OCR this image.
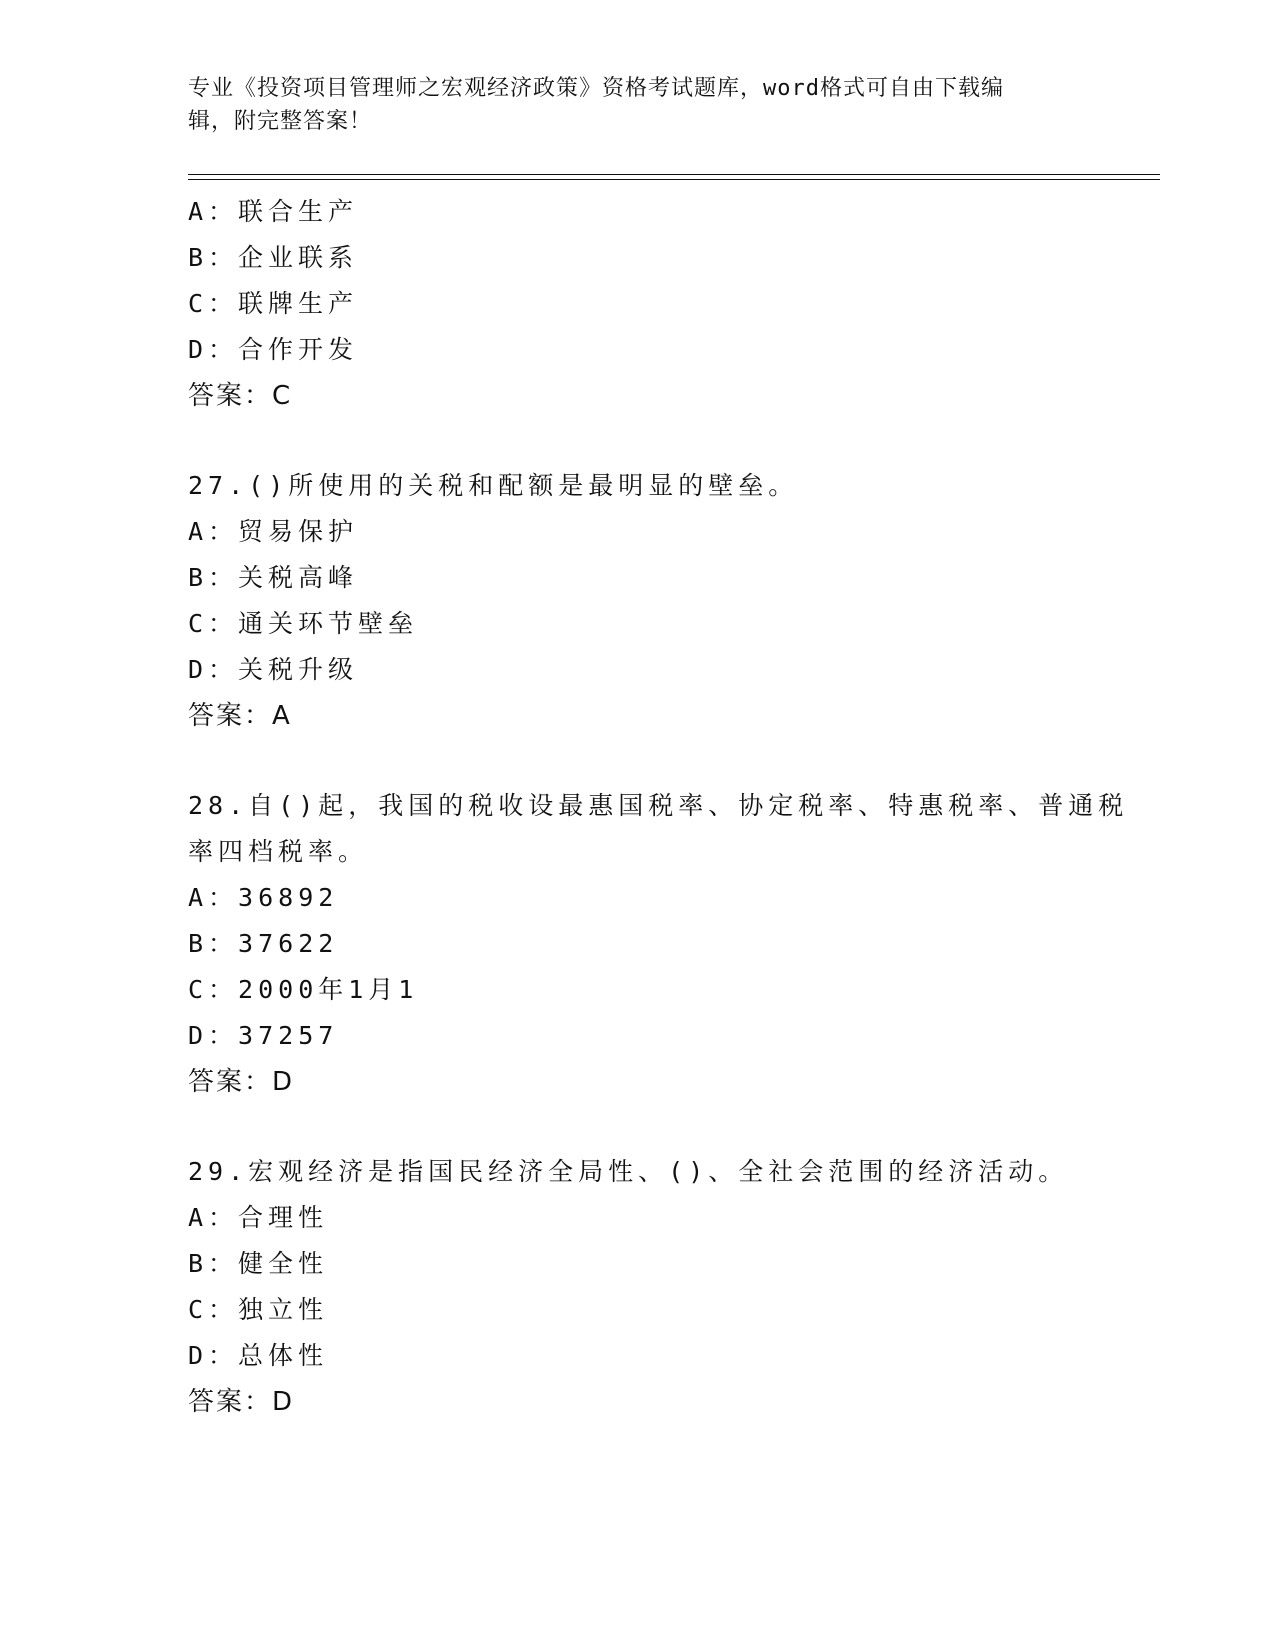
专业《投资项目管理师之宏观经济政策》资格考试题库，word格式可自由下载编
辑，附完整答案！
A：联合生产
B：企业联系
C：联牌生产
D：合作开发
答案：C
27.()所使用的关税和配额是最明显的壁垒。
A：贸易保护
B：关税高峰
C：通关环节壁垒
D：关税升级
答案：A
28.自()起，我国的税收设最惠国税率、协定税率、特惠税率、普通税
率四档税率。
A：36892
B：37622
C：2000年1月1
D：37257
答案：D
29.宏观经济是指国民经济全局性、()、全社会范围的经济活动。
A：合理性
B：健全性
C：独立性
D：总体性
答案：D
